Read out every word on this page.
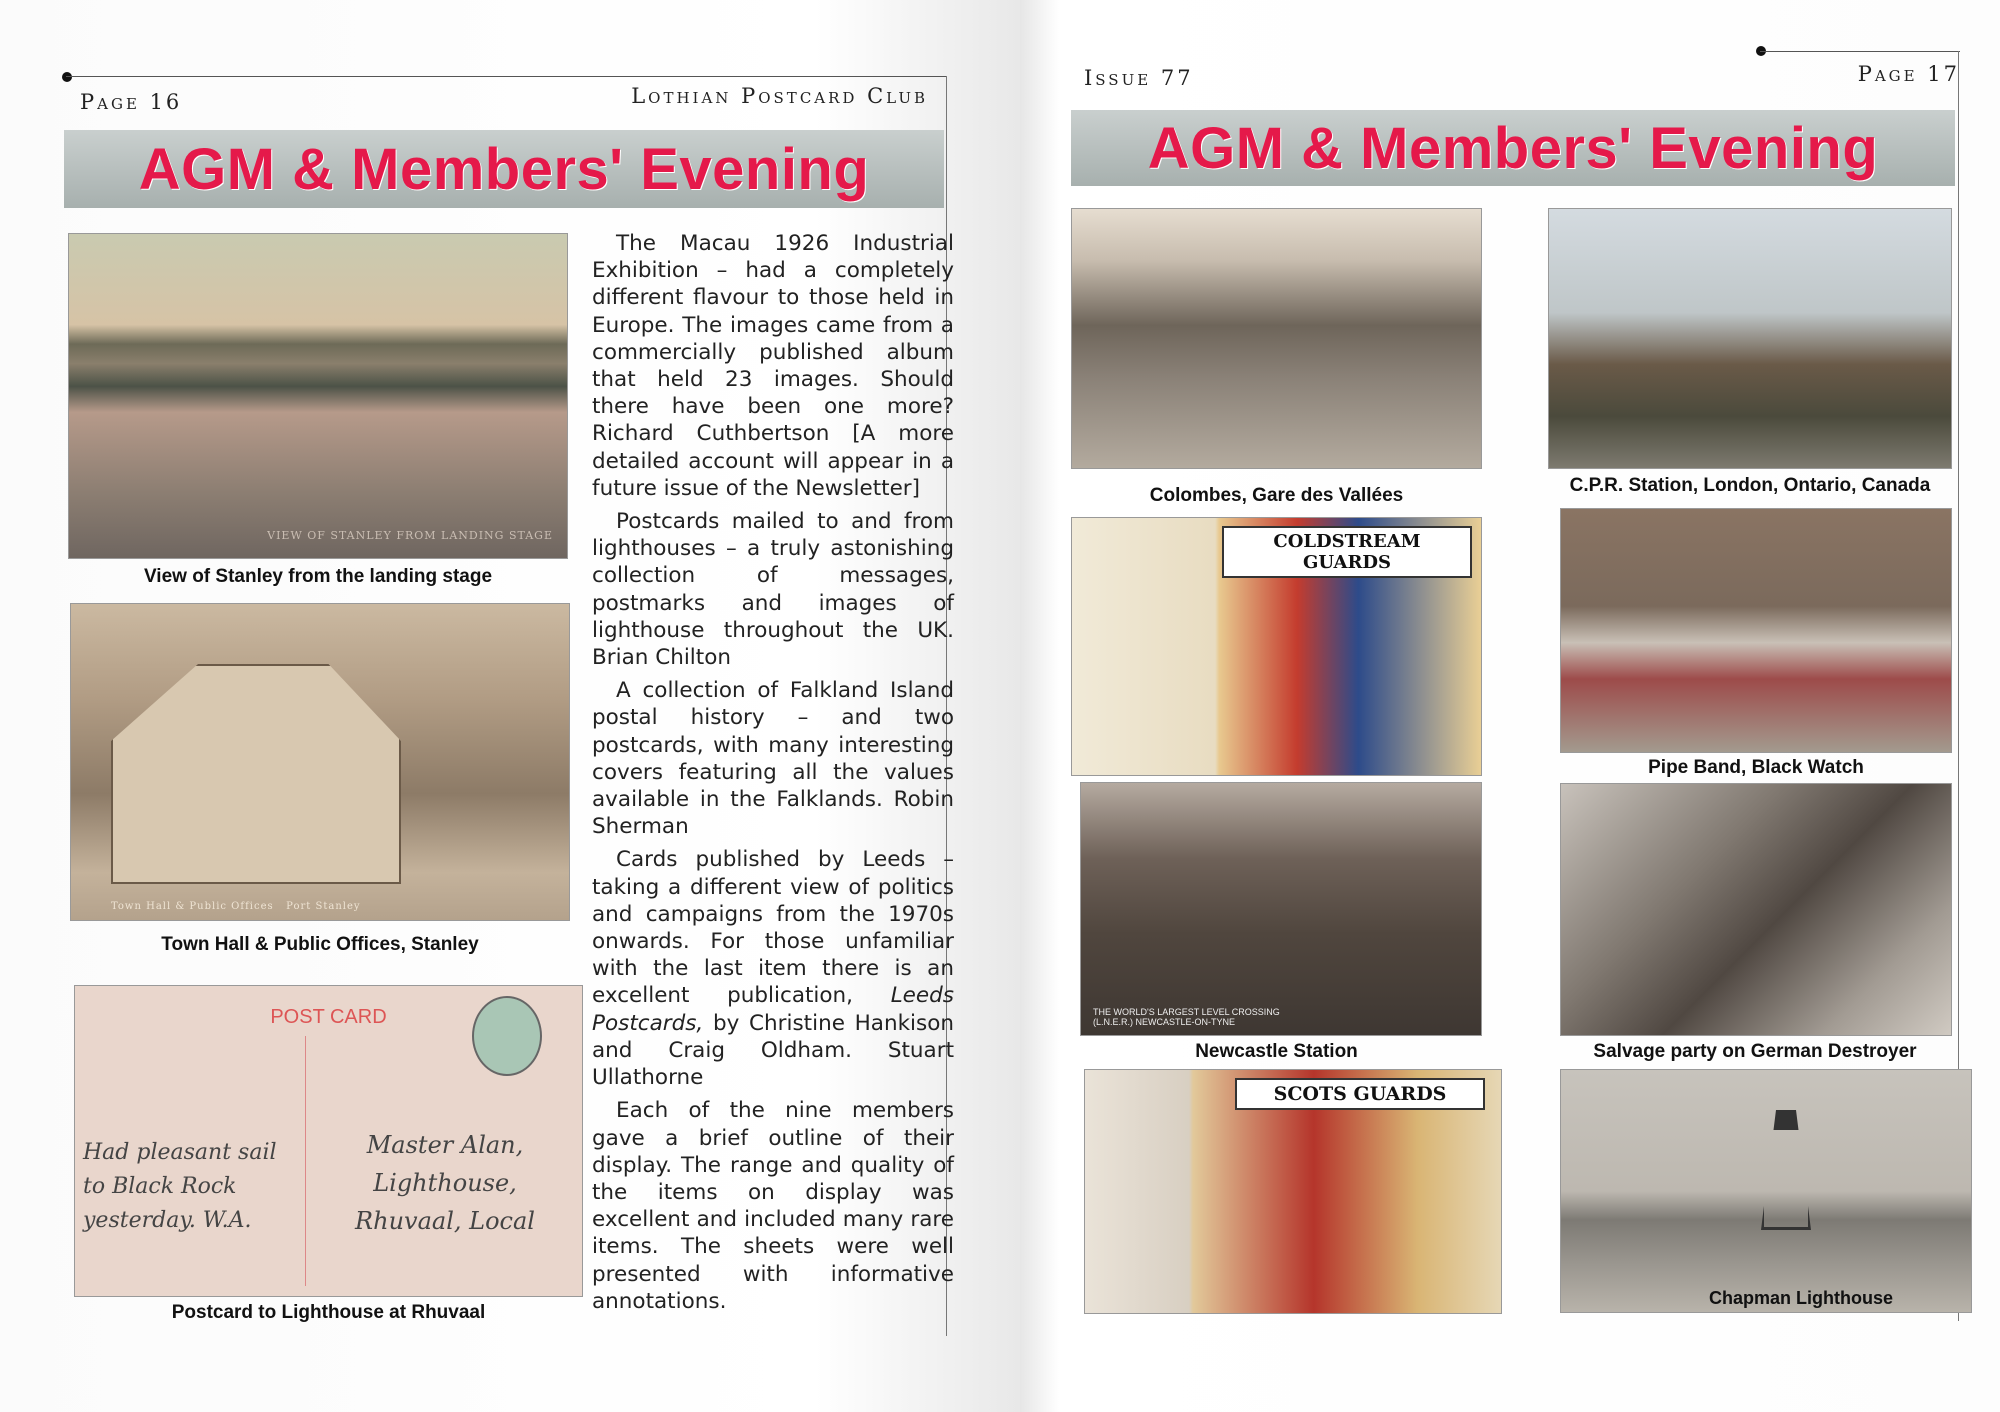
Page 16	Lothian Postcard Club
AGM & Members' Evening
VIEW OF STANLEY FROM LANDING STAGE
View of Stanley from the landing stage
Town Hall & Public Offices   Port Stanley
Town Hall & Public Offices, Stanley
POST CARD
Had pleasant sail to Black Rock yesterday. W.A.
Master Alan, Lighthouse, Rhuvaal, Local
Postcard to Lighthouse at Rhuvaal

The Macau 1926 Industrial Exhibition – had a completely different flavour to those held in Europe. The images came from a commercially published album that held 23 images. Should there have been one more? Richard Cuthbertson [A more detailed account will appear in a future issue of the Newsletter]

Postcards mailed to and from lighthouses – a truly astonishing collection of messages, postmarks and images of lighthouse throughout the UK. Brian Chilton

A collection of Falkland Island postal history – and two postcards, with many interesting covers featuring all the values available in the Falklands. Robin Sherman

Cards published by Leeds – taking a different view of politics and campaigns from the 1970s onwards. For those unfamiliar with the last item there is an excellent publication, Leeds Postcards, by Christine Hankison and Craig Oldham. Stuart Ullathorne

Each of the nine members gave a brief outline of their display. The range and quality of the items on display was excellent and included many rare items. The sheets were well presented with informative annotations.

Issue 77	Page 17
AGM & Members' Evening
Colombes, Gare des Vallées	C.P.R. Station, London, Ontario, Canada
COLDSTREAM GUARDS
Pipe Band, Black Watch
THE WORLD'S LARGEST LEVEL CROSSING (L.N.E.R.) NEWCASTLE-ON-TYNE
Newcastle Station	Salvage party on German Destroyer
SCOTS GUARDS
Chapman Lighthouse
